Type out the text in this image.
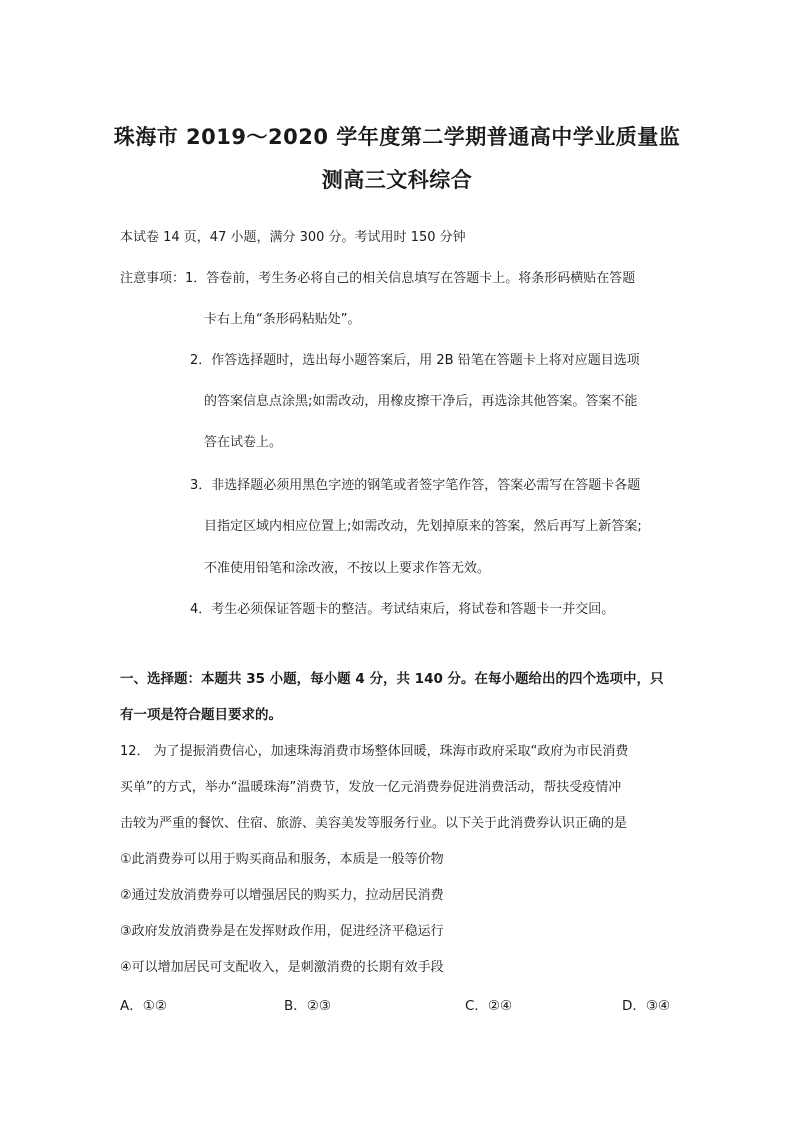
珠海市 2019～2020 学年度第二学期普通高中学业质量监
测高三文科综合
本试卷 14 页，47 小题，满分 300 分。考试用时 150 分钟
注意事项：1．答卷前，考生务必将自己的相关信息填写在答题卡上。将条形码横贴在答题
卡右上角“条形码粘贴处”。
2．作答选择题时，选出每小题答案后，用 2B 铅笔在答题卡上将对应题目选项
的答案信息点涂黑;如需改动，用橡皮擦干净后，再选涂其他答案。答案不能
答在试卷上。
3．非选择题必须用黑色字迹的钢笔或者签字笔作答，答案必需写在答题卡各题
目指定区域内相应位置上;如需改动，先划掉原来的答案，然后再写上新答案;
不准使用铅笔和涂改液，不按以上要求作答无效。
4．考生必须保证答题卡的整洁。考试结束后，将试卷和答题卡一并交回。
一、选择题：本题共 35 小题，每小题 4 分，共 140 分。在每小题给出的四个选项中，只
有一项是符合题目要求的。
12． 为了提振消费信心，加速珠海消费市场整体回暖，珠海市政府采取“政府为市民消费
买单”的方式，举办“温暖珠海”消费节，发放一亿元消费券促进消费活动，帮扶受疫情冲
击较为严重的餐饮、住宿、旅游、美容美发等服务行业。以下关于此消费券认识正确的是
①此消费券可以用于购买商品和服务，本质是一般等价物
②通过发放消费券可以增强居民的购买力，拉动居民消费
③政府发放消费券是在发挥财政作用，促进经济平稳运行
④可以增加居民可支配收入，是刺激消费的长期有效手段
A．①②	B．②③	C．②④	D．③④
